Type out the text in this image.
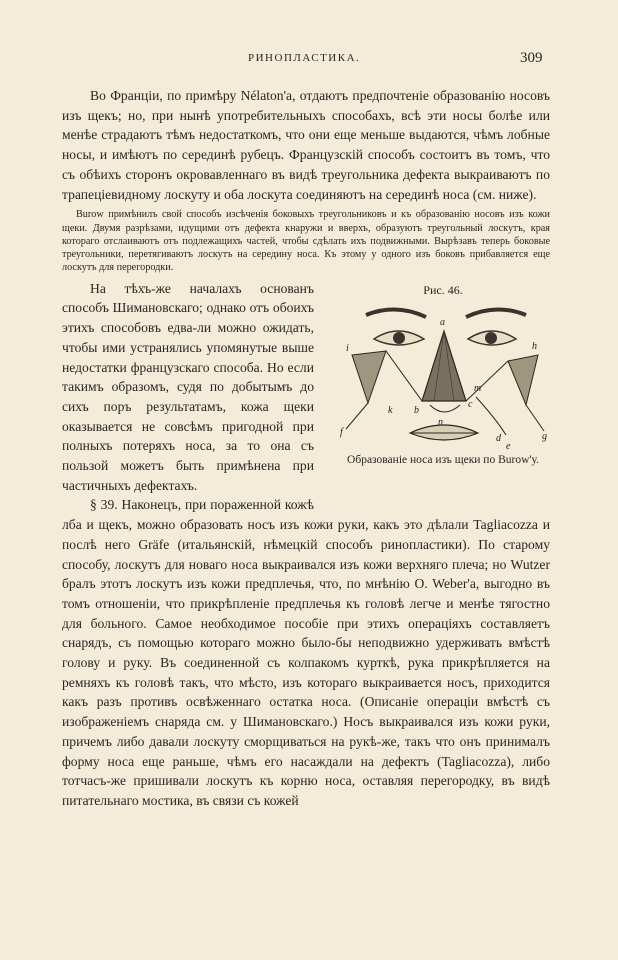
РИНОПЛАСТИКА.	309

Во Франціи, по примѣру Nélaton'а, отдаютъ предпочтеніе образованію носовъ изъ щекъ; но, при нынѣ употребительныхъ способахъ, всѣ эти носы болѣе или менѣе страдаютъ тѣмъ недостаткомъ, что они еще меньше выдаются, чѣмъ лобные носы, и имѣютъ по серединѣ рубецъ. Французскій способъ состоитъ въ томъ, что съ обѣихъ сторонъ окровавленнаго въ видѣ треугольника дефекта выкраиваютъ по трапеціевидному лоскуту и оба лоскута соединяютъ на серединѣ носа (см. ниже).

Burow примѣнилъ свой способъ изсѣченія боковыхъ треугольниковъ и къ образованію носовъ изъ кожи щеки. Двумя разрѣзами, идущими отъ дефекта кнаружи и вверхъ, образуютъ треугольный лоскутъ, края котораго отслаиваютъ отъ подлежащихъ частей, чтобы сдѣлать ихъ подвижными. Вырѣзавъ теперь боковые треугольники, перетягиваютъ лоскутъ на середину носа. Къ этому у одного изъ боковъ прибавляется еще лоскутъ для перегородки.

Рис. 46.
a
h
i
k b
c
m
n
d
e
f	g
Образованіе носа изъ щеки по Burow'у.

На тѣхъ-же началахъ основанъ способъ Шимановскаго; однако отъ обоихъ этихъ способовъ едва-ли можно ожидать, чтобы ими устранялись упомянутые выше недостатки французскаго способа. Но если такимъ образомъ, судя по добытымъ до сихъ поръ результатамъ, кожа щеки оказывается не совсѣмъ пригодной при полныхъ потеряхъ носа, за то она съ пользой можетъ быть примѣнена при частичныхъ дефектахъ.

§ 39. Наконецъ, при пораженной кожѣ лба и щекъ, можно образовать носъ изъ кожи руки, какъ это дѣлали Tagliacozza и послѣ него Gräfe (итальянскій, нѣмецкій способъ ринопластики). По старому способу, лоскутъ для новаго носа выкраивался изъ кожи верхняго плеча; но Wutzer бралъ этотъ лоскутъ изъ кожи предплечья, что, по мнѣнію O. Weber'а, выгодно въ томъ отношеніи, что прикрѣпленіе предплечья къ головѣ легче и менѣе тягостно для больного. Самое необходимое пособіе при этихъ операціяхъ составляетъ снарядъ, съ помощью котораго можно было-бы неподвижно удерживать вмѣстѣ голову и руку. Въ соединенной съ колпакомъ курткѣ, рука прикрѣпляется на ремняхъ къ головѣ такъ, что мѣсто, изъ котораго выкраивается носъ, приходится какъ разъ противъ освѣженнаго остатка носа. (Описаніе операціи вмѣстѣ съ изображеніемъ снаряда см. у Шимановскаго.) Носъ выкраивался изъ кожи руки, причемъ либо давали лоскуту сморщиваться на рукѣ-же, такъ что онъ принималъ форму носа еще раньше, чѣмъ его насаждали на дефектъ (Tagliacozza), либо тотчасъ-же пришивали лоскутъ къ корню носа, оставляя перегородку, въ видѣ питательнаго мостика, въ связи съ кожей
